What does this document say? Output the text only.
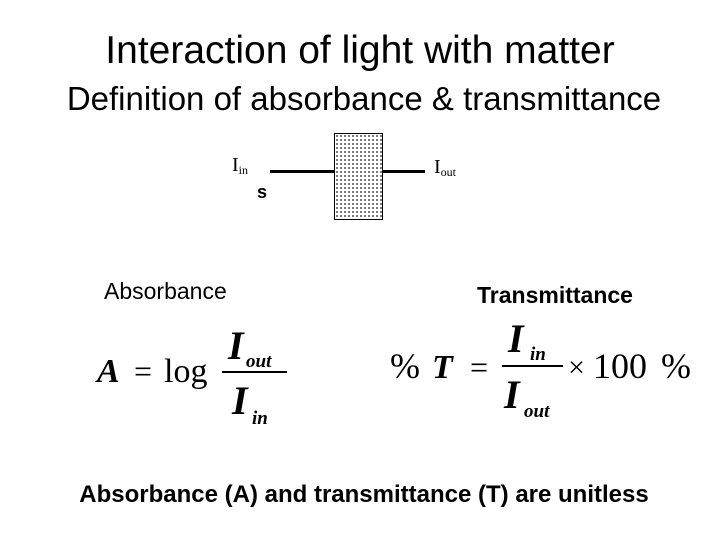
Interaction of light with matter
Definition of absorbance & transmittance
$I_{in}$
s
$I_{out}$
Absorbance	Transmittance
A = log
I out
I in
% T =
I in
I out
× 100 %
Absorbance (A) and transmittance (T) are unitless
